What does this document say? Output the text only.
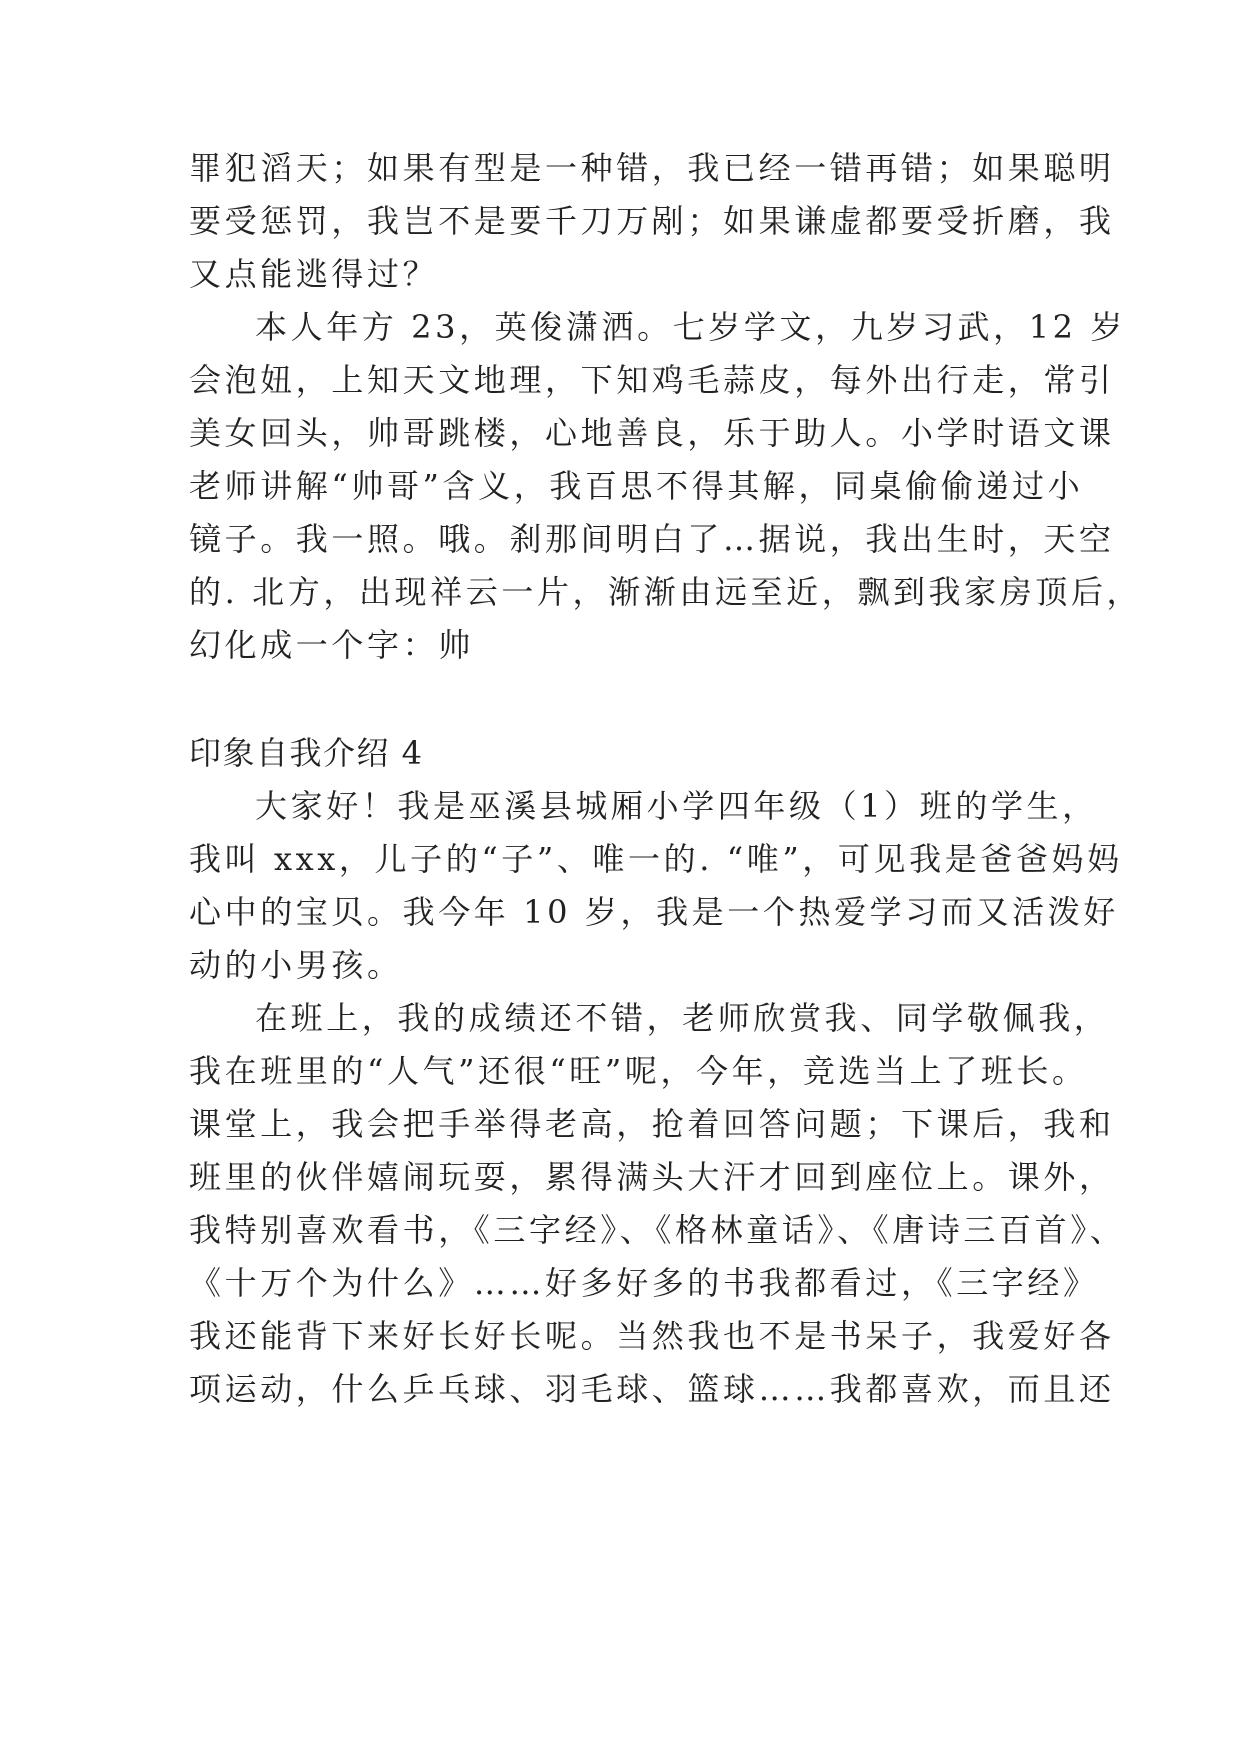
罪犯滔天；如果有型是一种错，我已经一错再错；如果聪明
要受惩罚，我岂不是要千刀万剐；如果谦虚都要受折磨，我
又点能逃得过？
本人年方 23，英俊潇洒。七岁学文，九岁习武，12 岁
会泡妞，上知天文地理，下知鸡毛蒜皮，每外出行走，常引
美女回头，帅哥跳楼，心地善良，乐于助人。小学时语文课
老师讲解“帅哥”含义，我百思不得其解，同桌偷偷递过小
镜子。我一照。哦。刹那间明白了…据说，我出生时，天空
的. 北方，出现祥云一片，渐渐由远至近，飘到我家房顶后，
幻化成一个字：帅
印象自我介绍 4
大家好！我是巫溪县城厢小学四年级（1）班的学生，
我叫 xxx，儿子的“子”、唯一的. “唯”，可见我是爸爸妈妈
心中的宝贝。我今年 10 岁，我是一个热爱学习而又活泼好
动的小男孩。
在班上，我的成绩还不错，老师欣赏我、同学敬佩我，
我在班里的“人气”还很“旺”呢，今年，竞选当上了班长。
课堂上，我会把手举得老高，抢着回答问题；下课后，我和
班里的伙伴嬉闹玩耍，累得满头大汗才回到座位上。课外，
我特别喜欢看书，《三字经》、《格林童话》、《唐诗三百首》、
《十万个为什么》……好多好多的书我都看过，《三字经》
我还能背下来好长好长呢。当然我也不是书呆子，我爱好各
项运动，什么乒乓球、羽毛球、篮球……我都喜欢，而且还
